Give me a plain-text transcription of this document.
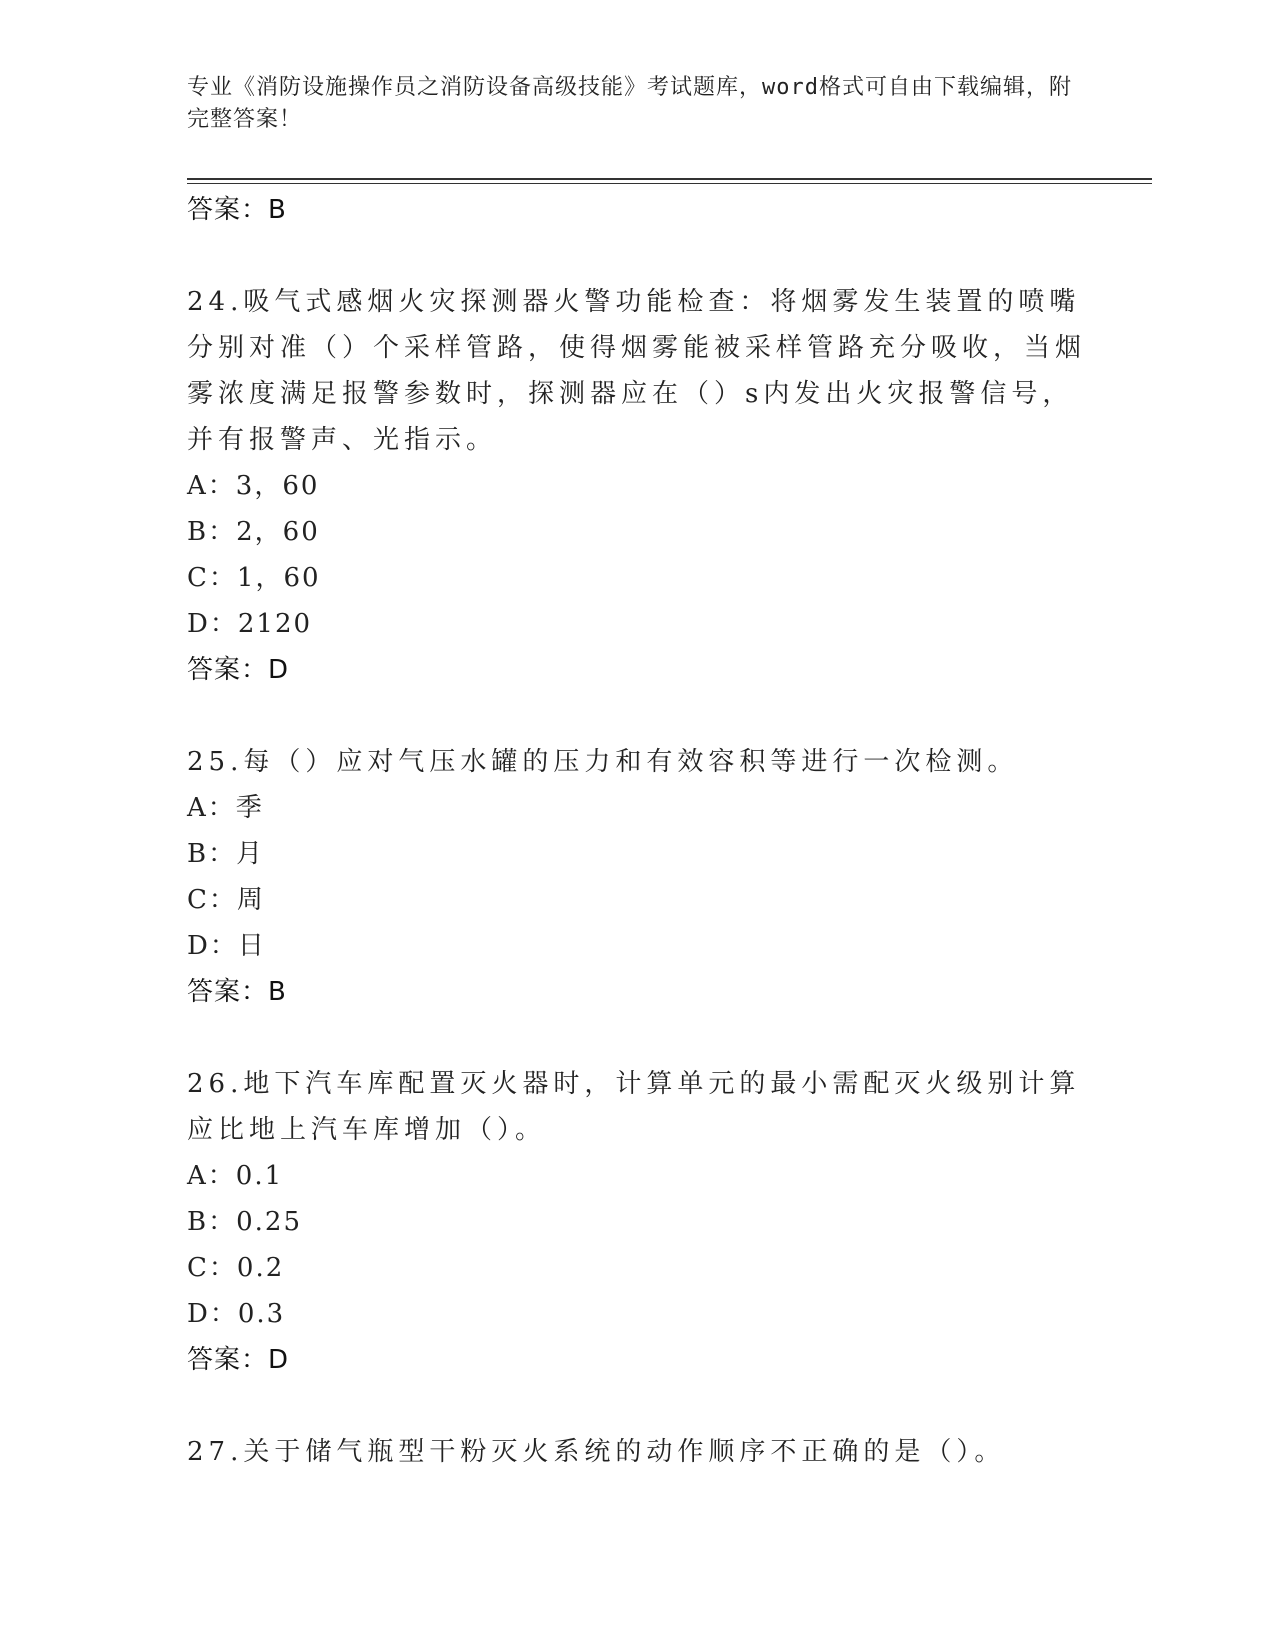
专业《消防设施操作员之消防设备高级技能》考试题库，word格式可自由下载编辑，附完整答案！
答案：B
24.吸气式感烟火灾探测器火警功能检查：将烟雾发生装置的喷嘴分别对准（）个采样管路，使得烟雾能被采样管路充分吸收，当烟雾浓度满足报警参数时，探测器应在（）s内发出火灾报警信号，并有报警声、光指示。
A：3，60
B：2，60
C：1，60
D：2120
答案：D
25.每（）应对气压水罐的压力和有效容积等进行一次检测。
A：季
B：月
C：周
D：日
答案：B
26.地下汽车库配置灭火器时，计算单元的最小需配灭火级别计算应比地上汽车库增加（）。
A：0.1
B：0.25
C：0.2
D：0.3
答案：D
27.关于储气瓶型干粉灭火系统的动作顺序不正确的是（）。
